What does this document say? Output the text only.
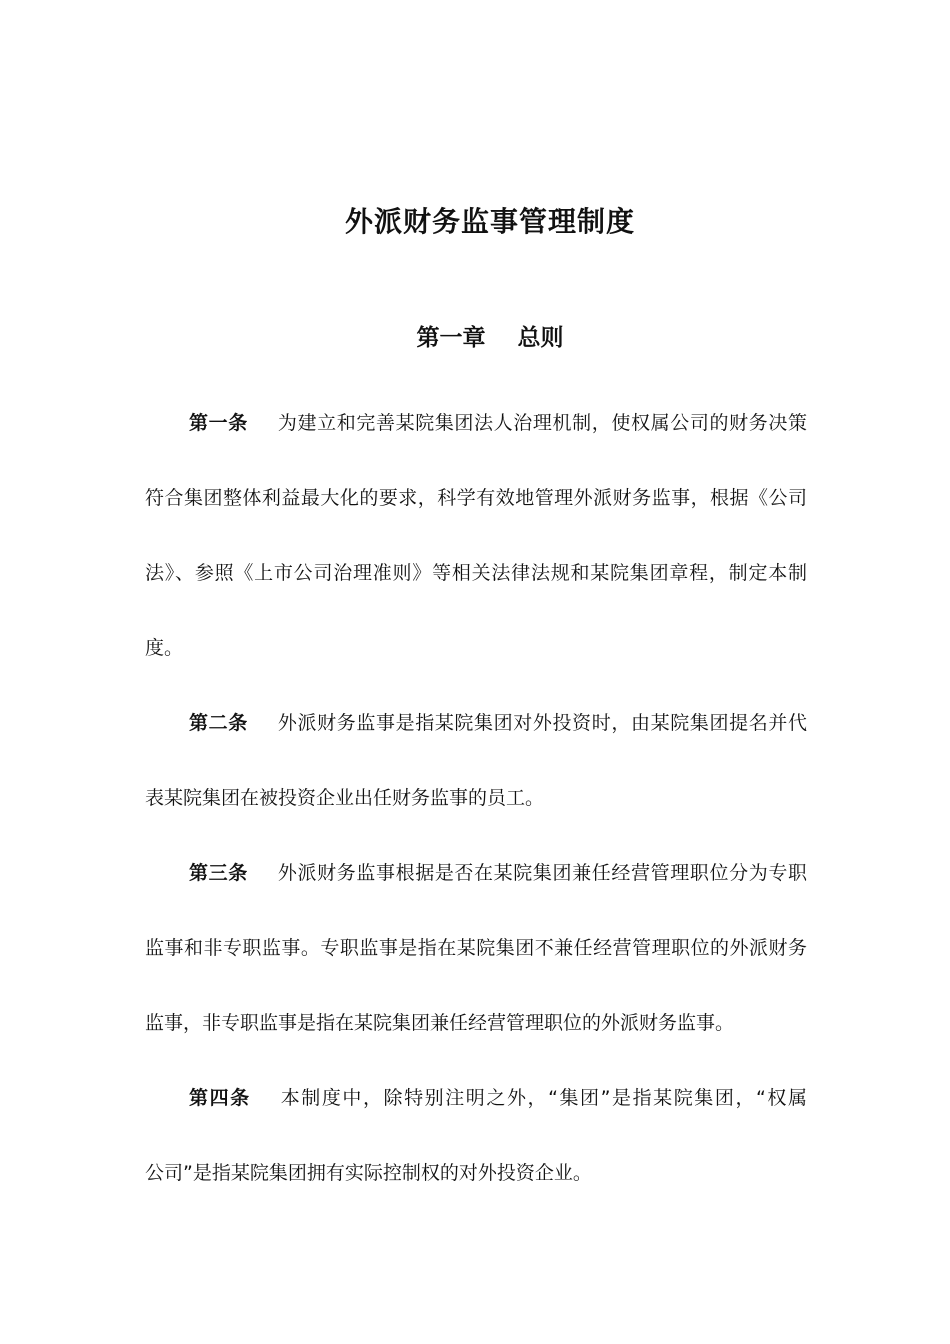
外派财务监事管理制度
第一章    总则
第一条 为建立和完善某院集团法人治理机制，使权属公司的财务决策
符合集团整体利益最大化的要求，科学有效地管理外派财务监事，根据《公司
法》、参照《上市公司治理准则》等相关法律法规和某院集团章程，制定本制
度。
第二条 外派财务监事是指某院集团对外投资时，由某院集团提名并代
表某院集团在被投资企业出任财务监事的员工。
第三条 外派财务监事根据是否在某院集团兼任经营管理职位分为专职
监事和非专职监事。专职监事是指在某院集团不兼任经营管理职位的外派财务
监事，非专职监事是指在某院集团兼任经营管理职位的外派财务监事。
第四条 本制度中，除特别注明之外，“集团”是指某院集团，“权属
公司”是指某院集团拥有实际控制权的对外投资企业。
